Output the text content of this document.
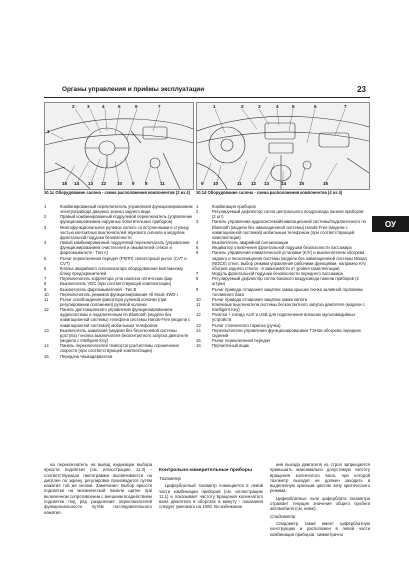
Органы управления и приёмы эксплуатации	23
ОУ
2	3	4	5	6	7
1
15 14 13 12 10 9 8	11
10.1c Оборудование салона - схема расположения компонентов (2 из 4)
1	2	3	4	5	6	7
9 10	11 12 13	14	15	16
10.1d Оборудование салона - схема расположения компонентов (4 из 4)
1	Комбинированный переключатель управления функционированием электропривода дверных зеркал заднего вида
2	Правый комбинированный подрулевой переключатель (управление функционированием наружных осветительных приборов)
3	Многофункциональное рулевое колесо со встроенными в ступицу частью контактных выключателей звукового сигнала и модулем фронтальной подушки безопасности
4	Левый комбинированный подрулевой переключатель (управление функционированием очистителей и омывателей стёкол и фароомывателя - Tип А)
5	Рычаг переключения передач (РКПП) селекторный рычаг (CVT и CVT)
6	Кнопка аварийного сигнализатора оборудованная монтажному блоку предохранителей
7	Переключатель корректора угла наклона оптических фар
8	Выключатель VDC (при соответствующей комплектации)
9	Выключатель фароомывателей - Тип В
10	Переключатель режимов функционирования All Mode 4WD-i
11	Рычаг освобождения фиксатора рулевой колонки (при регулировании положения) рулевой колонки
12	Панель дистанционного управления функционированием аудиосистемы и подключенным по Bluetooth (модели без навигационной системы) телефона системы Hands-Free (модели с навигационной системой) мобильным телефоном
13	Выключатель зажигания (модели без бесключевой системы доступа) / кнопка выключателя бесконтактного запуска двигателя (модели с Intelligent Key)
14	Панель переключателей темпостатуса/системы ограничения скорости (при соответствующей комплектации)
15	Передача чвыкадерватели
1	Комбинация приборов
2	Регулируемый дефлектор сопла центрального воздуховода панели приборов (2 шт)
3	Панель управления аудиосистемой/навигационной системы/подключенного по Bluetooth (модели без навигационной системы) Hands-Free (модели с навигационной системой) мобильным телефоном (при соответствующей комплектации)
4	Выключатель аварийной сигнализации
5	Индикатор отключения фронтальной подушки безопасности пассажира
6	Панель управления климатической установки (K/V) и выключателем обогрева заднего и пескоочищения системы (модели без навигационной системы Nissan (NDCS) стекл, выбор режима управления рабочими функциями, например K/V, обогрев заднего стекла - в зависимости от уровня комплектации)
7	Модуль фронтальной подушки безопасности переднего пассажира
8	Регулируемый дефлектор сопла бокового воздуховода панели приборов (2 штуки)
9	Рычаг привода отпирания защёлки замка крышки лючка заливной горловины топливного бака
10	Рычаг привода отпирания защёлки замка капота
11	Ключевые выключатели системы бесконтактного запуска двигателя (модели с Intelligent Key)
12	Розетка + гнёзда AUX и USB для подключения внешних мультимедийных устройств
13	Рычаг стояночного тормоза (ручка)
14	Переключатели управления функционированием ТЭНов обогрева передних сидений
15	Рычаг переключения передач
16	Перчаточный ящик

на переключатель на вывод индикации выбора яркости подсветки (см. иллюстрацию 11.3) - соответствующая пиктограмма высвечивается на дисплее по экрану, регулировка производится путём нажатия той же кнопки. Замечание: Выбор яркости подсветки на механической панели щитке при включенном сопротивлении с внешним воздействием подсветки под ряд разделения переключателей функциональности путём последовательного нажатия.

Контрольно-измерительные приборы
Тахометр

Циферблатный тахометр помещается в левой части комбинации приборов (см. иллюстрацию 11.1) и показывает частоту вращения коленчатого вала двигателя в оборотах в минуту - показания следует умножать на 1000. Во избежание

ния выхода двигателя из строя запрещается превышать максимально допустимую частоту вращения коленчатого вала, при которой тахометр выходит не должен заходить в выделенную красным цветом зону критического режима.

Циферблатные поле циферблата тахометра отражает текущие значения общего пробега автомобиля (см. ниже).

Спидометр

Спидометр также имеет циферблатную конструкцию и расположен в левой части комбинации приборов, симметрично
